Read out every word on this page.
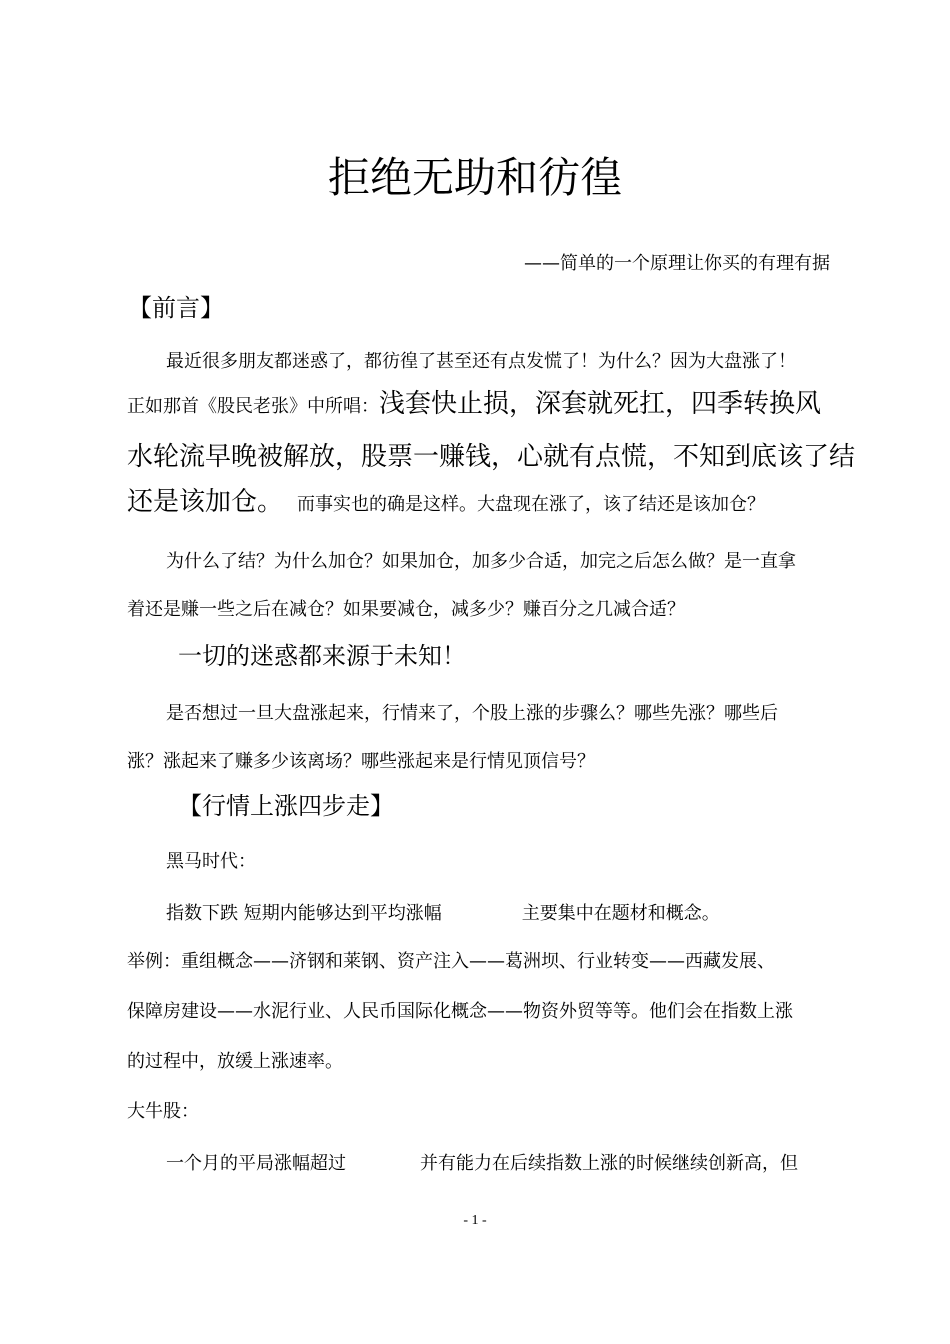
拒绝无助和彷徨
——简单的一个原理让你买的有理有据
【前言】
最近很多朋友都迷惑了，都彷徨了甚至还有点发慌了！为什么？因为大盘涨了！
正如那首《股民老张》中所唱：浅套快止损，深套就死扛，四季转换风
水轮流早晚被解放，股票一赚钱，心就有点慌，不知到底该了结
还是该加仓。 而事实也的确是这样。大盘现在涨了，该了结还是该加仓？
为什么了结？为什么加仓？如果加仓，加多少合适，加完之后怎么做？是一直拿
着还是赚一些之后在减仓？如果要减仓，减多少？赚百分之几减合适？
一切的迷惑都来源于未知！
是否想过一旦大盘涨起来，行情来了，个股上涨的步骤么？哪些先涨？哪些后
涨？涨起来了赚多少该离场？哪些涨起来是行情见顶信号？
【行情上涨四步走】
黑马时代：
指数下跌 短期内能够达到平均涨幅	主要集中在题材和概念。
举例：重组概念——济钢和莱钢、资产注入——葛洲坝、行业转变——西藏发展、
保障房建设——水泥行业、人民币国际化概念——物资外贸等等。他们会在指数上涨
的过程中，放缓上涨速率。
大牛股：
一个月的平局涨幅超过	并有能力在后续指数上涨的时候继续创新高，但
- 1 -
